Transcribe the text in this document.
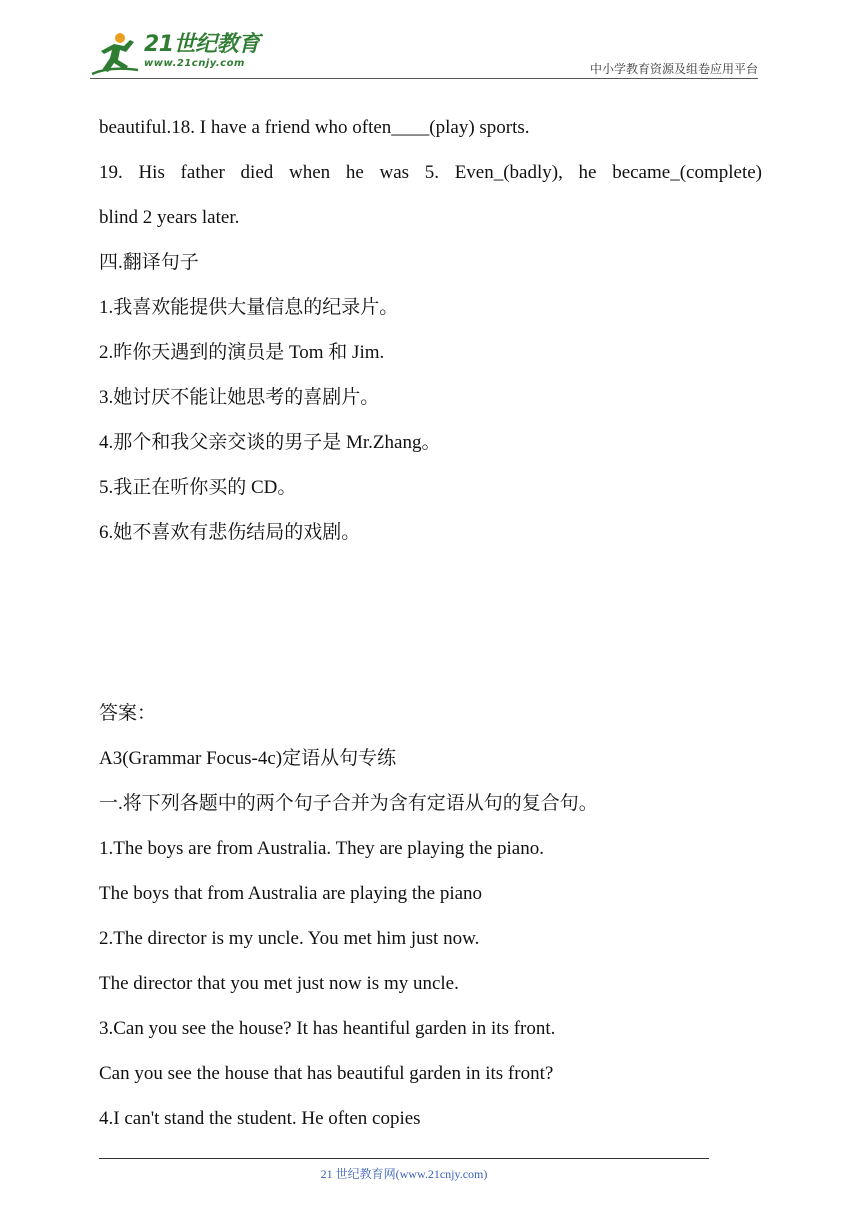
21世纪教育
www.21cnjy.com	中小学教育资源及组卷应用平台
beautiful.18. I have a friend who often____(play) sports.
19. His father died when he was 5. Even_(badly), he became_(complete)
blind 2 years later.
四.翻译句子
1.我喜欢能提供大量信息的纪录片。
2.昨你天遇到的演员是 Tom 和 Jim.
3.她讨厌不能让她思考的喜剧片。
4.那个和我父亲交谈的男子是 Mr.Zhang。
5.我正在听你买的 CD。
6.她不喜欢有悲伤结局的戏剧。
答案：
A3(Grammar Focus-4c)定语从句专练
一.将下列各题中的两个句子合并为含有定语从句的复合句。
1.The boys are from Australia. They are playing the piano.
The boys that from Australia are playing the piano
2.The director is my uncle. You met him just now.
The director that you met just now is my uncle.
3.Can you see the house? It has heantiful garden in its front.
Can you see the house that has beautiful garden in its front?
4.I can't stand the student. He often copies
21 世纪教育网(www.21cnjy.com)
